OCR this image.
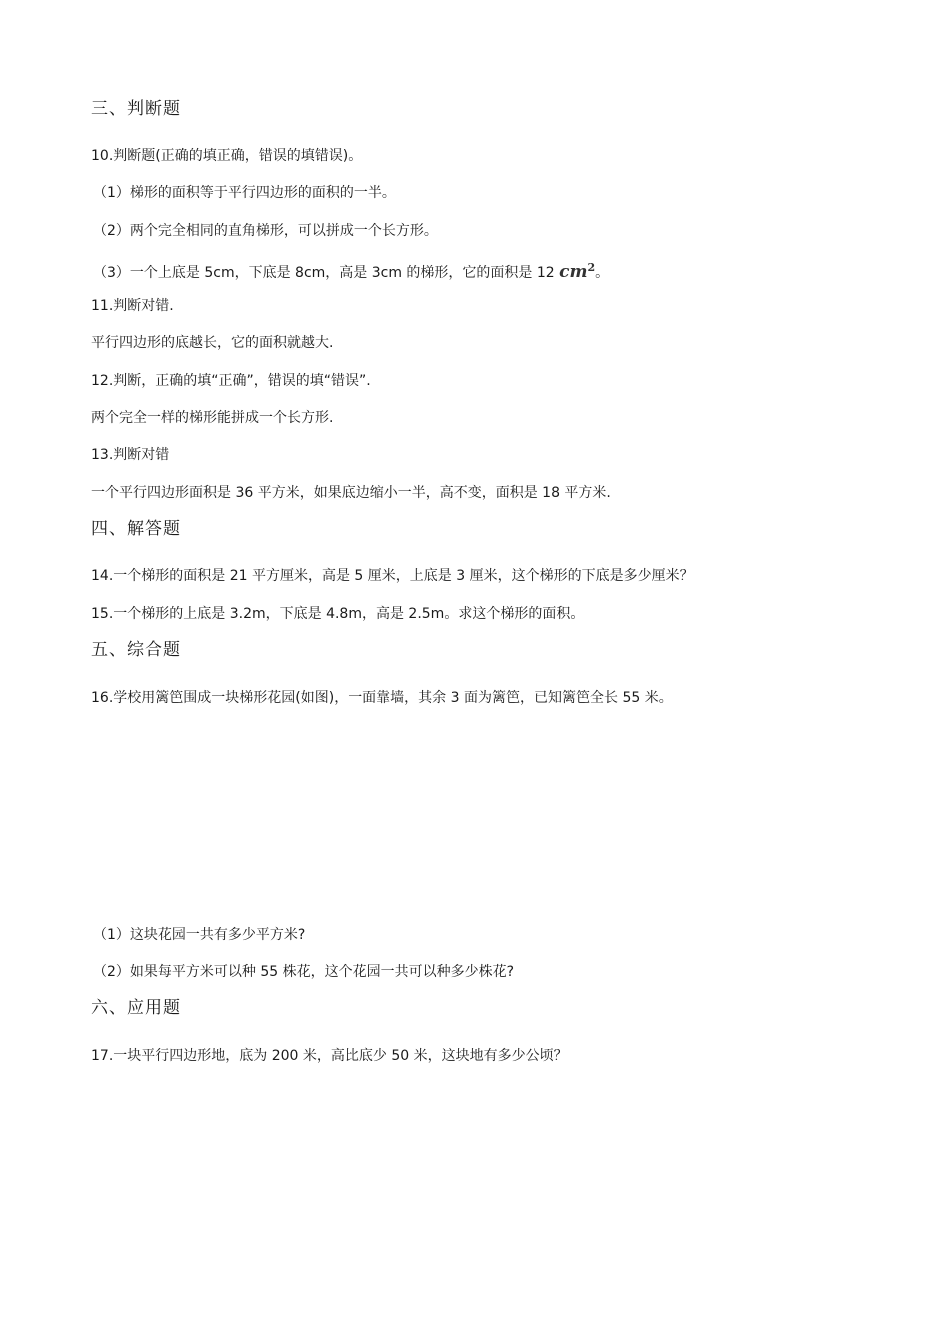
三、判断题
10.判断题(正确的填正确，错误的填错误)。
（1）梯形的面积等于平行四边形的面积的一半。
（2）两个完全相同的直角梯形，可以拼成一个长方形。
（3）一个上底是 5cm，下底是 8cm，高是 3cm 的梯形，它的面积是 12 $cm^2$。
11.判断对错.
平行四边形的底越长，它的面积就越大.
12.判断，正确的填“正确”，错误的填“错误”.
两个完全一样的梯形能拼成一个长方形.
13.判断对错
一个平行四边形面积是 36 平方米，如果底边缩小一半，高不变，面积是 18 平方米.
四、解答题
14.一个梯形的面积是 21 平方厘米，高是 5 厘米，上底是 3 厘米，这个梯形的下底是多少厘米？
15.一个梯形的上底是 3.2m，下底是 4.8m，高是 2.5m。求这个梯形的面积。
五、综合题
16.学校用篱笆围成一块梯形花园(如图)，一面靠墙，其余 3 面为篱笆，已知篱笆全长 55 米。
（1）这块花园一共有多少平方米?
（2）如果每平方米可以种 55 株花，这个花园一共可以种多少株花?
六、应用题
17.一块平行四边形地，底为 200 米，高比底少 50 米，这块地有多少公顷？
